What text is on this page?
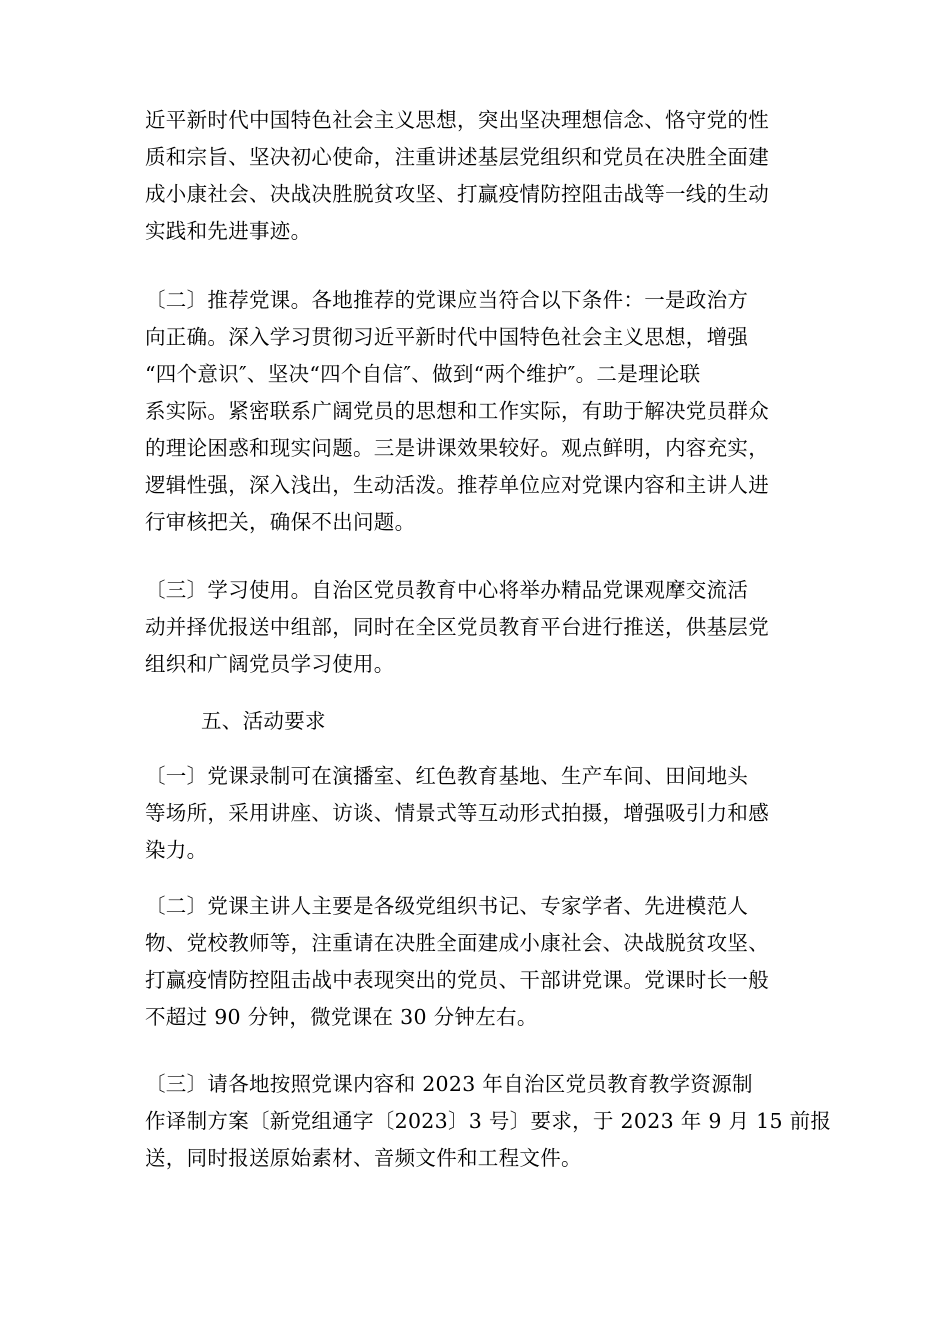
近平新时代中国特色社会主义思想，突出坚决理想信念、恪守党的性
质和宗旨、坚决初心使命，注重讲述基层党组织和党员在决胜全面建
成小康社会、决战决胜脱贫攻坚、打赢疫情防控阻击战等一线的生动
实践和先进事迹。
〔二〕推荐党课。各地推荐的党课应当符合以下条件：一是政治方
向正确。深入学习贯彻习近平新时代中国特色社会主义思想，增强
“四个意识″、坚决“四个自信″、做到“两个维护″。二是理论联
系实际。紧密联系广阔党员的思想和工作实际，有助于解决党员群众
的理论困惑和现实问题。三是讲课效果较好。观点鲜明，内容充实，
逻辑性强，深入浅出，生动活泼。推荐单位应对党课内容和主讲人进
行审核把关，确保不出问题。
〔三〕学习使用。自治区党员教育中心将举办精品党课观摩交流活
动并择优报送中组部，同时在全区党员教育平台进行推送，供基层党
组织和广阔党员学习使用。
五、活动要求
〔一〕党课录制可在演播室、红色教育基地、生产车间、田间地头
等场所，采用讲座、访谈、情景式等互动形式拍摄，增强吸引力和感
染力。
〔二〕党课主讲人主要是各级党组织书记、专家学者、先进模范人
物、党校教师等，注重请在决胜全面建成小康社会、决战脱贫攻坚、
打赢疫情防控阻击战中表现突出的党员、干部讲党课。党课时长一般
不超过 90 分钟，微党课在 30 分钟左右。
〔三〕请各地按照党课内容和 2023 年自治区党员教育教学资源制
作译制方案〔新党组通字〔2023〕3 号〕要求，于 2023 年 9 月 15 前报
送，同时报送原始素材、音频文件和工程文件。
